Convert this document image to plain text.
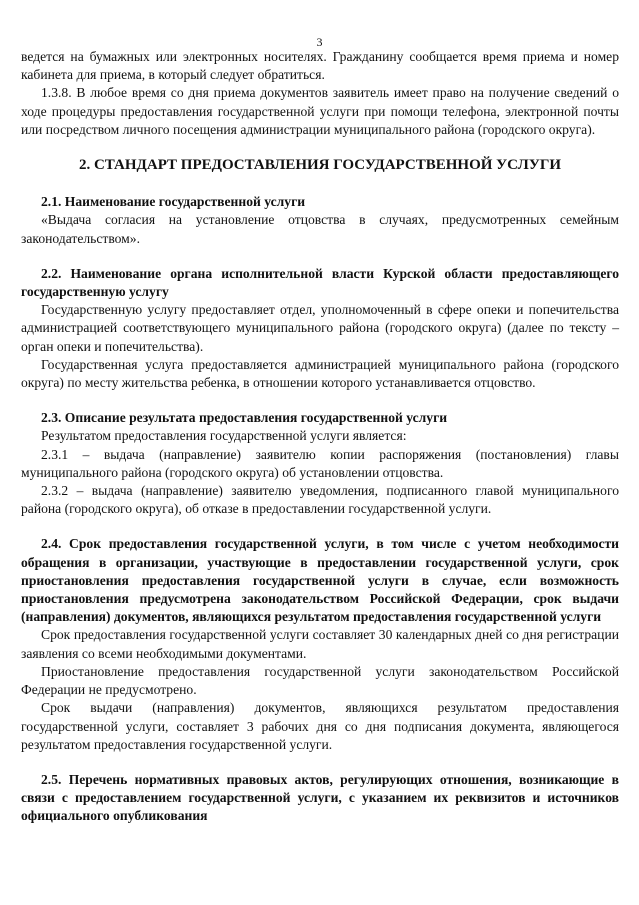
3

ведется на бумажных или электронных носителях. Гражданину сообщается время приема и номер кабинета для приема, в который следует обратиться.

1.3.8. В любое время со дня приема документов заявитель имеет право на получение сведений о ходе процедуры предоставления государственной услуги при помощи телефона, электронной почты или посредством личного посещения администрации муниципального района (городского округа).

2. СТАНДАРТ ПРЕДОСТАВЛЕНИЯ ГОСУДАРСТВЕННОЙ УСЛУГИ

2.1. Наименование государственной услуги

«Выдача согласия на установление отцовства в случаях, предусмотренных семейным законодательством».

2.2. Наименование органа исполнительной власти Курской области предоставляющего государственную услугу

Государственную услугу предоставляет отдел, уполномоченный в сфере опеки и попечительства администрацией соответствующего муниципального района (городского округа) (далее по тексту – орган опеки и попечительства).

Государственная услуга предоставляется администрацией муниципального района (городского округа) по месту жительства ребенка, в отношении которого устанавливается отцовство.

2.3. Описание результата предоставления государственной услуги

Результатом предоставления государственной услуги является:

2.3.1 – выдача (направление) заявителю копии распоряжения (постановления) главы муниципального района (городского округа) об установлении отцовства.

2.3.2 – выдача (направление) заявителю уведомления, подписанного главой муниципального района (городского округа), об отказе в предоставлении государственной услуги.

2.4. Срок предоставления государственной услуги, в том числе с учетом необходимости обращения в организации, участвующие в предоставлении государственной услуги, срок приостановления предоставления государственной услуги в случае, если возможность приостановления предусмотрена законодательством Российской Федерации, срок выдачи (направления) документов, являющихся результатом предоставления государственной услуги

Срок предоставления государственной услуги составляет 30 календарных дней со дня регистрации заявления со всеми необходимыми документами.

Приостановление предоставления государственной услуги законодательством Российской Федерации не предусмотрено.

Срок выдачи (направления) документов, являющихся результатом предоставления государственной услуги, составляет 3 рабочих дня со дня подписания документа, являющегося результатом предоставления государственной услуги.

2.5. Перечень нормативных правовых актов, регулирующих отношения, возникающие в связи с предоставлением государственной услуги, с указанием их реквизитов и источников официального опубликования
